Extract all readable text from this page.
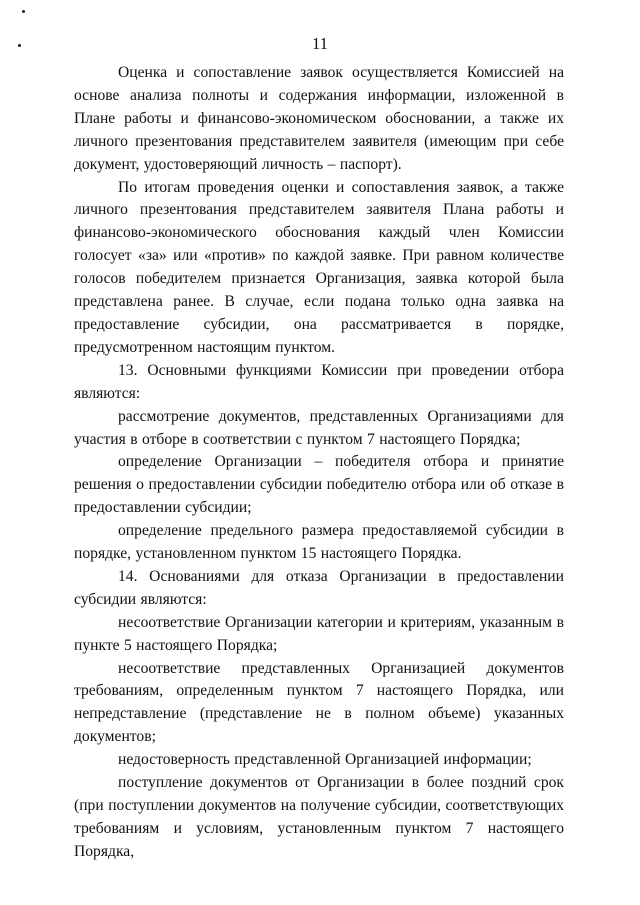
11

Оценка и сопоставление заявок осуществляется Комиссией на основе анализа полноты и содержания информации, изложенной в Плане работы и финансово-экономическом обосновании, а также их личного презентования представителем заявителя (имеющим при себе документ, удостоверяющий личность – паспорт).

По итогам проведения оценки и сопоставления заявок, а также личного презентования представителем заявителя Плана работы и финансово-экономического обоснования каждый член Комиссии голосует «за» или «против» по каждой заявке. При равном количестве голосов победителем признается Организация, заявка которой была представлена ранее. В случае, если подана только одна заявка на предоставление субсидии, она рассматривается в порядке, предусмотренном настоящим пунктом.

13. Основными функциями Комиссии при проведении отбора являются:

рассмотрение документов, представленных Организациями для участия в отборе в соответствии с пунктом 7 настоящего Порядка;

определение Организации – победителя отбора и принятие решения о предоставлении субсидии победителю отбора или об отказе в предоставлении субсидии;

определение предельного размера предоставляемой субсидии в порядке, установленном пунктом 15 настоящего Порядка.

14. Основаниями для отказа Организации в предоставлении субсидии являются:

несоответствие Организации категории и критериям, указанным в пункте 5 настоящего Порядка;

несоответствие представленных Организацией документов требованиям, определенным пунктом 7 настоящего Порядка, или непредставление (представление не в полном объеме) указанных документов;

недостоверность представленной Организацией информации;

поступление документов от Организации в более поздний срок (при поступлении документов на получение субсидии, соответствующих требованиям и условиям, установленным пунктом 7 настоящего Порядка,
